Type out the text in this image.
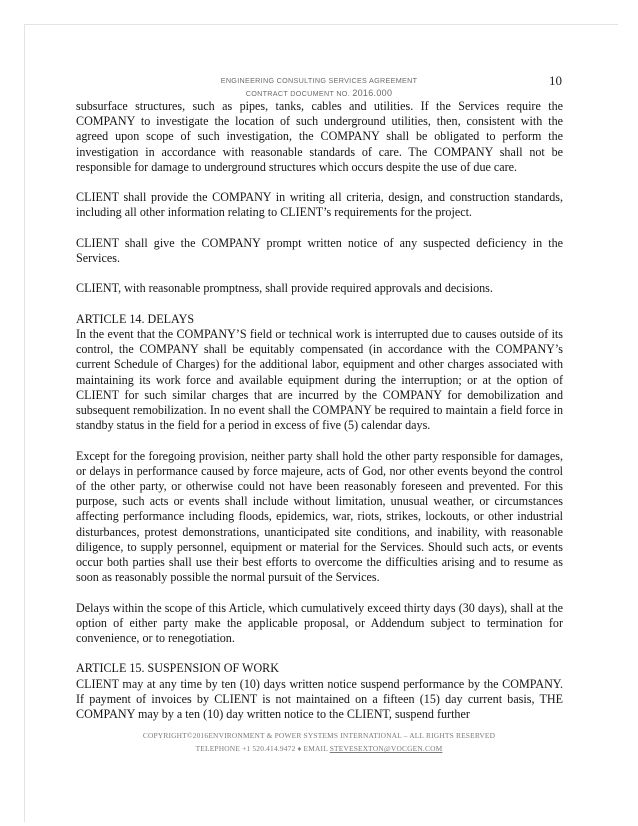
ENGINEERING CONSULTING SERVICES AGREEMENT
CONTRACT DOCUMENT NO. 2016.000
10

subsurface structures, such as pipes, tanks, cables and utilities. If the Services require the COMPANY to investigate the location of such underground utilities, then, consistent with the agreed upon scope of such investigation, the COMPANY shall be obligated to perform the investigation in accordance with reasonable standards of care. The COMPANY shall not be responsible for damage to underground structures which occurs despite the use of due care.

CLIENT shall provide the COMPANY in writing all criteria, design, and construction standards, including all other information relating to CLIENT’s requirements for the project.

CLIENT shall give the COMPANY prompt written notice of any suspected deficiency in the Services.

CLIENT, with reasonable promptness, shall provide required approvals and decisions.

ARTICLE 14. DELAYS

In the event that the COMPANY’S field or technical work is interrupted due to causes outside of its control, the COMPANY shall be equitably compensated (in accordance with the COMPANY’s current Schedule of Charges) for the additional labor, equipment and other charges associated with maintaining its work force and available equipment during the interruption; or at the option of CLIENT for such similar charges that are incurred by the COMPANY for demobilization and subsequent remobilization. In no event shall the COMPANY be required to maintain a field force in standby status in the field for a period in excess of five (5) calendar days.

Except for the foregoing provision, neither party shall hold the other party responsible for damages, or delays in performance caused by force majeure, acts of God, nor other events beyond the control of the other party, or otherwise could not have been reasonably foreseen and prevented. For this purpose, such acts or events shall include without limitation, unusual weather, or circumstances affecting performance including floods, epidemics, war, riots, strikes, lockouts, or other industrial disturbances, protest demonstrations, unanticipated site conditions, and inability, with reasonable diligence, to supply personnel, equipment or material for the Services. Should such acts, or events occur both parties shall use their best efforts to overcome the difficulties arising and to resume as soon as reasonably possible the normal pursuit of the Services.

Delays within the scope of this Article, which cumulatively exceed thirty days (30 days), shall at the option of either party make the applicable proposal, or Addendum subject to termination for convenience, or to renegotiation.

ARTICLE 15. SUSPENSION OF WORK

CLIENT may at any time by ten (10) days written notice suspend performance by the COMPANY. If payment of invoices by CLIENT is not maintained on a fifteen (15) day current basis, THE COMPANY may by a ten (10) day written notice to the CLIENT, suspend further

COPYRIGHT©2016ENVIRONMENT & POWER SYSTEMS INTERNATIONAL – ALL RIGHTS RESERVED
TELEPHONE +1 520.414.9472 ♦ EMAIL STEVESEXTON@VOCGEN.COM
